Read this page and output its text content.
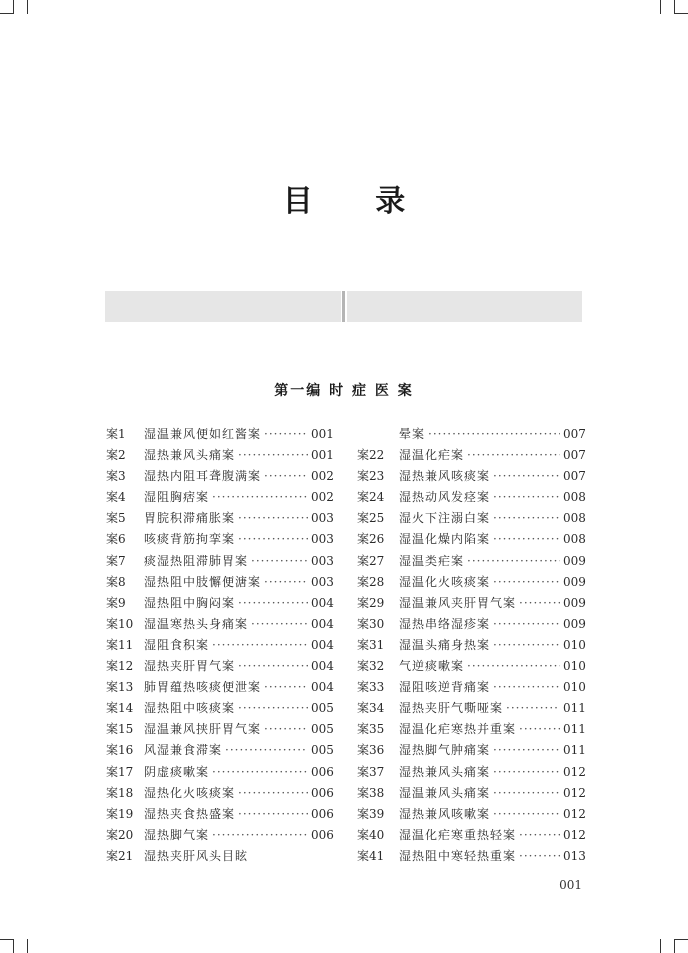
目 录
第一编 时 症 医 案
案1	湿温兼风便如红酱案 ·····	001
案2	湿热兼风头痛案 ·····	001
案3	湿热内阻耳聋腹满案 ·····	002
案4	湿阻胸痞案 ·····	002
案5	胃脘积滞痛胀案 ·····	003
案6	咳痰背筋拘挛案 ·····	003
案7	痰湿热阻滞肺胃案 ·····	003
案8	湿热阻中肢懈便溏案 ·····	003
案9	湿热阻中胸闷案 ·····	004
案10 湿温寒热头身痛案 ·····	004
案11 湿阻食积案 ·····	004
案12 湿热夹肝胃气案 ·····	004
案13 肺胃蕴热咳痰便泄案 ·····	004
案14 湿热阻中咳痰案 ·····	005
案15 湿温兼风挟肝胃气案 ·····	005
案16 风湿兼食滞案 ·····	005
案17 阴虚痰嗽案 ·····	006
案18 湿热化火咳痰案 ·····	006
案19 湿热夹食热盛案 ·····	006
案20 湿热脚气案 ·····	006
案21 湿热夹肝风头目眩
晕案 ·····	007
案22	湿温化疟案 ·····	007
案23	湿热兼风咳痰案 ·····	007
案24	湿热动风发痉案 ·····	008
案25	湿火下注溺白案 ·····	008
案26	湿温化燥内陷案 ·····	008
案27	湿温类疟案 ·····	009
案28	湿温化火咳痰案 ·····	009
案29	湿温兼风夹肝胃气案 ·····	009
案30	湿热串络湿疹案 ·····	009
案31	湿温头痛身热案 ·····	010
案32	气逆痰嗽案 ·····	010
案33	湿阻咳逆背痛案 ·····	010
案34	湿热夹肝气嘶哑案 ·····	011
案35	湿温化疟寒热并重案 ·····	011
案36	湿热脚气肿痛案 ·····	011
案37	湿热兼风头痛案 ·····	012
案38	湿温兼风头痛案 ·····	012
案39	湿热兼风咳嗽案 ·····	012
案40	湿温化疟寒重热轻案 ·····	012
案41	湿热阻中寒轻热重案 ·····	013
001
